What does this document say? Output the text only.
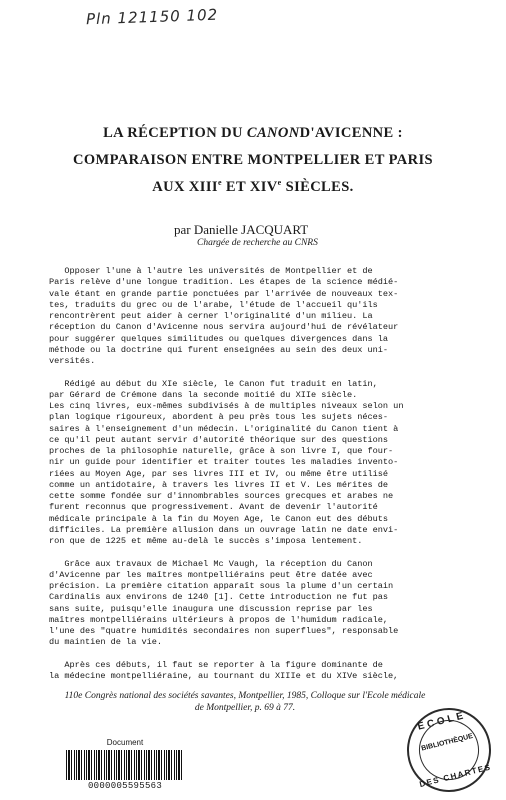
Pln 121150 102
LA RÉCEPTION DU CANOND'AVICENNE :
COMPARAISON ENTRE MONTPELLIER ET PARIS
AUX XIIIe ET XIVe SIÈCLES.
par Danielle JACQUART
Chargée de recherche au CNRS

Opposer l'une à l'autre les universités de Montpellier et de
Paris relève d'une longue tradition. Les étapes de la science médié-
vale étant en grande partie ponctuées par l'arrivée de nouveaux tex-
tes, traduits du grec ou de l'arabe, l'étude de l'accueil qu'ils
rencontrèrent peut aider à cerner l'originalité d'un milieu. La
réception du Canon d'Avicenne nous servira aujourd'hui de révélateur
pour suggérer quelques similitudes ou quelques divergences dans la
méthode ou la doctrine qui furent enseignées au sein des deux uni-
versités.

Rédigé au début du XIe siècle, le Canon fut traduit en latin,
par Gérard de Crémone dans la seconde moitié du XIIe siècle.
Les cinq livres, eux-mêmes subdivisés à de multiples niveaux selon un
plan logique rigoureux, abordent à peu près tous les sujets néces-
saires à l'enseignement d'un médecin. L'originalité du Canon tient à
ce qu'il peut autant servir d'autorité théorique sur des questions
proches de la philosophie naturelle, grâce à son livre I, que four-
nir un guide pour identifier et traiter toutes les maladies invento-
riées au Moyen Age, par ses livres III et IV, ou même être utilisé
comme un antidotaire, à travers les livres II et V. Les mérites de
cette somme fondée sur d'innombrables sources grecques et arabes ne
furent reconnus que progressivement. Avant de devenir l'autorité
médicale principale à la fin du Moyen Age, le Canon eut des débuts
difficiles. La première allusion dans un ouvrage latin ne date envi-
ron que de 1225 et même au-delà le succès s'imposa lentement.

Grâce aux travaux de Michael Mc Vaugh, la réception du Canon
d'Avicenne par les maîtres montpelliérains peut être datée avec
précision. La première citation apparaît sous la plume d'un certain
Cardinalis aux environs de 1240 [1]. Cette introduction ne fut pas
sans suite, puisqu'elle inaugura une discussion reprise par les
maîtres montpelliérains ultérieurs à propos de l'humidum radicale,
l'une des "quatre humidités secondaires non superflues", responsable
du maintien de la vie.

Après ces débuts, il faut se reporter à la figure dominante de
la médecine montpelliéraine, au tournant du XIIIe et du XIVe siècle,

110e Congrès national des sociétés savantes, Montpellier, 1985, Colloque sur l'Ecole médicale
de Montpellier, p. 69 à 77.
Document
0000005595563
ECOLE
BIBLIOTHÈQUE
DES CHARTES
